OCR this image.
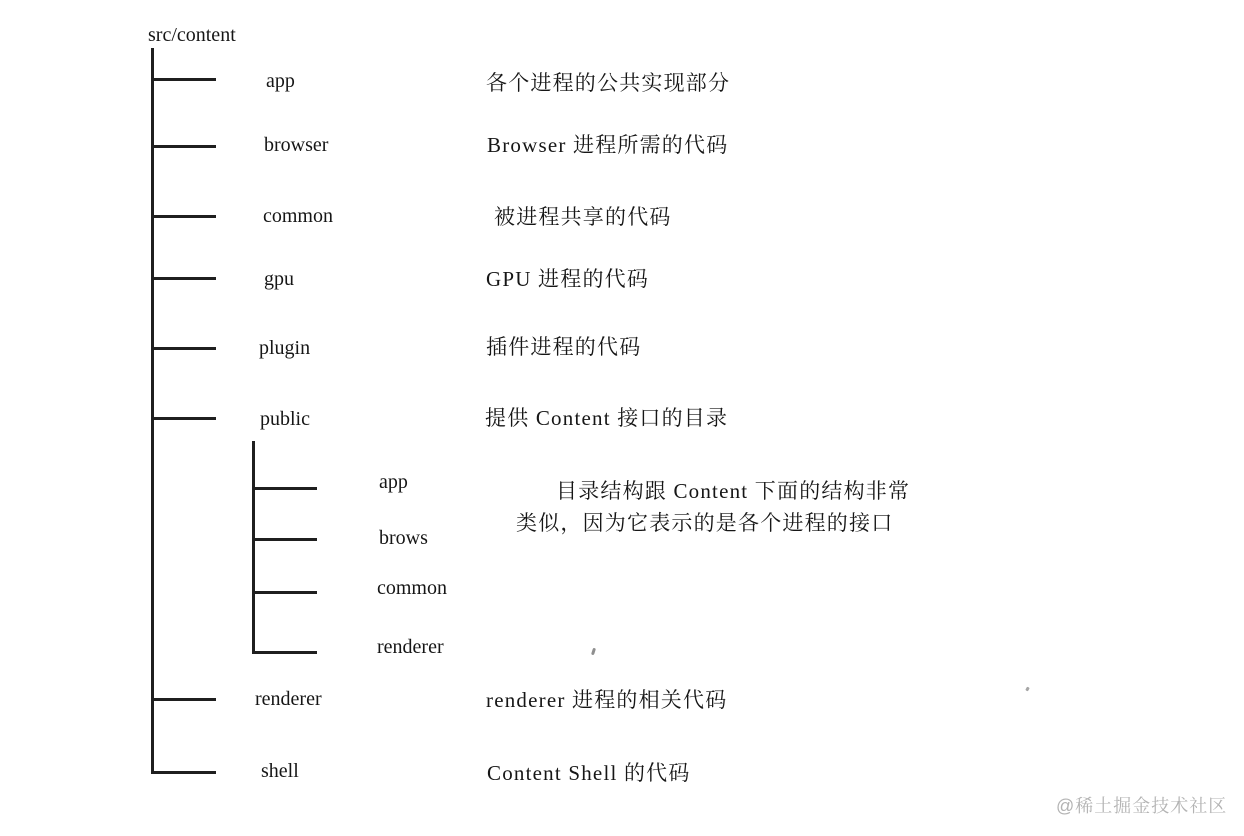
src/content
app
browser
common
gpu
plugin
public
renderer
shell
各个进程的公共实现部分
Browser 进程所需的代码
被进程共享的代码
GPU 进程的代码
插件进程的代码
提供 Content 接口的目录
renderer 进程的相关代码
Content Shell 的代码
app
brows
common
renderer
目录结构跟 Content 下面的结构非常
类似，因为它表示的是各个进程的接口
@稀土掘金技术社区
